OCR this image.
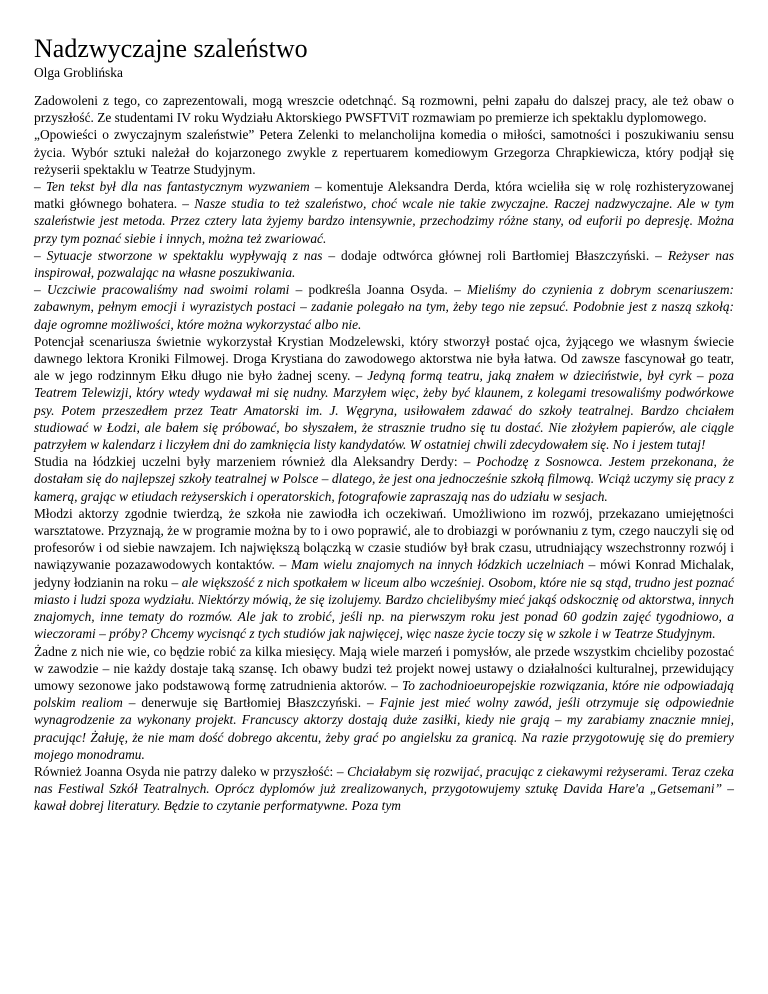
Nadzwyczajne szaleństwo
Olga Groblińska

Zadowoleni z tego, co zaprezentowali, mogą wreszcie odetchnąć. Są rozmowni, pełni zapału do dalszej pracy, ale też obaw o przyszłość. Ze studentami IV roku Wydziału Aktorskiego PWSFTViT rozmawiam po premierze ich spektaklu dyplomowego.

„Opowieści o zwyczajnym szaleństwie” Petera Zelenki to melancholijna komedia o miłości, samotności i poszukiwaniu sensu życia. Wybór sztuki należał do kojarzonego zwykle z repertuarem komediowym Grzegorza Chrapkiewicza, który podjął się reżyserii spektaklu w Teatrze Studyjnym.

– Ten tekst był dla nas fantastycznym wyzwaniem – komentuje Aleksandra Derda, która wcieliła się w rolę rozhisteryzowanej matki głównego bohatera. – Nasze studia to też szaleństwo, choć wcale nie takie zwyczajne. Raczej nadzwyczajne. Ale w tym szaleństwie jest metoda. Przez cztery lata żyjemy bardzo intensywnie, przechodzimy różne stany, od euforii po depresję. Można przy tym poznać siebie i innych, można też zwariować.

– Sytuacje stworzone w spektaklu wypływają z nas – dodaje odtwórca głównej roli Bartłomiej Błaszczyński. – Reżyser nas inspirował, pozwalając na własne poszukiwania.

– Uczciwie pracowaliśmy nad swoimi rolami – podkreśla Joanna Osyda. – Mieliśmy do czynienia z dobrym scenariuszem: zabawnym, pełnym emocji i wyrazistych postaci – zadanie polegało na tym, żeby tego nie zepsuć. Podobnie jest z naszą szkołą: daje ogromne możliwości, które można wykorzystać albo nie.

Potencjał scenariusza świetnie wykorzystał Krystian Modzelewski, który stworzył postać ojca, żyjącego we własnym świecie dawnego lektora Kroniki Filmowej. Droga Krystiana do zawodowego aktorstwa nie była łatwa. Od zawsze fascynował go teatr, ale w jego rodzinnym Ełku długo nie było żadnej sceny. – Jedyną formą teatru, jaką znałem w dzieciństwie, był cyrk – poza Teatrem Telewizji, który wtedy wydawał mi się nudny. Marzyłem więc, żeby być klaunem, z kolegami tresowaliśmy podwórkowe psy. Potem przeszedłem przez Teatr Amatorski im. J. Węgryna, usiłowałem zdawać do szkoły teatralnej. Bardzo chciałem studiować w Łodzi, ale bałem się próbować, bo słyszałem, że strasznie trudno się tu dostać. Nie złożyłem papierów, ale ciągle patrzyłem w kalendarz i liczyłem dni do zamknięcia listy kandydatów. W ostatniej chwili zdecydowałem się. No i jestem tutaj!

Studia na łódzkiej uczelni były marzeniem również dla Aleksandry Derdy: – Pochodzę z Sosnowca. Jestem przekonana, że dostałam się do najlepszej szkoły teatralnej w Polsce – dlatego, że jest ona jednocześnie szkołą filmową. Wciąż uczymy się pracy z kamerą, grając w etiudach reżyserskich i operatorskich, fotografowie zapraszają nas do udziału w sesjach.

Młodzi aktorzy zgodnie twierdzą, że szkoła nie zawiodła ich oczekiwań. Umożliwiono im rozwój, przekazano umiejętności warsztatowe. Przyznają, że w programie można by to i owo poprawić, ale to drobiazgi w porównaniu z tym, czego nauczyli się od profesorów i od siebie nawzajem. Ich największą bolączką w czasie studiów był brak czasu, utrudniający wszechstronny rozwój i nawiązywanie pozazawodowych kontaktów. – Mam wielu znajomych na innych łódzkich uczelniach – mówi Konrad Michalak, jedyny łodzianin na roku – ale większość z nich spotkałem w liceum albo wcześniej. Osobom, które nie są stąd, trudno jest poznać miasto i ludzi spoza wydziału. Niektórzy mówią, że się izolujemy. Bardzo chcielibyśmy mieć jakąś odskocznię od aktorstwa, innych znajomych, inne tematy do rozmów. Ale jak to zrobić, jeśli np. na pierwszym roku jest ponad 60 godzin zajęć tygodniowo, a wieczorami – próby? Chcemy wycisnąć z tych studiów jak najwięcej, więc nasze życie toczy się w szkole i w Teatrze Studyjnym.

Żadne z nich nie wie, co będzie robić za kilka miesięcy. Mają wiele marzeń i pomysłów, ale przede wszystkim chcieliby pozostać w zawodzie – nie każdy dostaje taką szansę. Ich obawy budzi też projekt nowej ustawy o działalności kulturalnej, przewidujący umowy sezonowe jako podstawową formę zatrudnienia aktorów. – To zachodnioeuropejskie rozwiązania, które nie odpowiadają polskim realiom – denerwuje się Bartłomiej Błaszczyński. – Fajnie jest mieć wolny zawód, jeśli otrzymuje się odpowiednie wynagrodzenie za wykonany projekt. Francuscy aktorzy dostają duże zasiłki, kiedy nie grają – my zarabiamy znacznie mniej, pracując! Żałuję, że nie mam dość dobrego akcentu, żeby grać po angielsku za granicą. Na razie przygotowuję się do premiery mojego monodramu.

Również Joanna Osyda nie patrzy daleko w przyszłość: – Chciałabym się rozwijać, pracując z ciekawymi reżyserami. Teraz czeka nas Festiwal Szkół Teatralnych. Oprócz dyplomów już zrealizowanych, przygotowujemy sztukę Davida Hare'a „Getsemani” – kawał dobrej literatury. Będzie to czytanie performatywne. Poza tym
